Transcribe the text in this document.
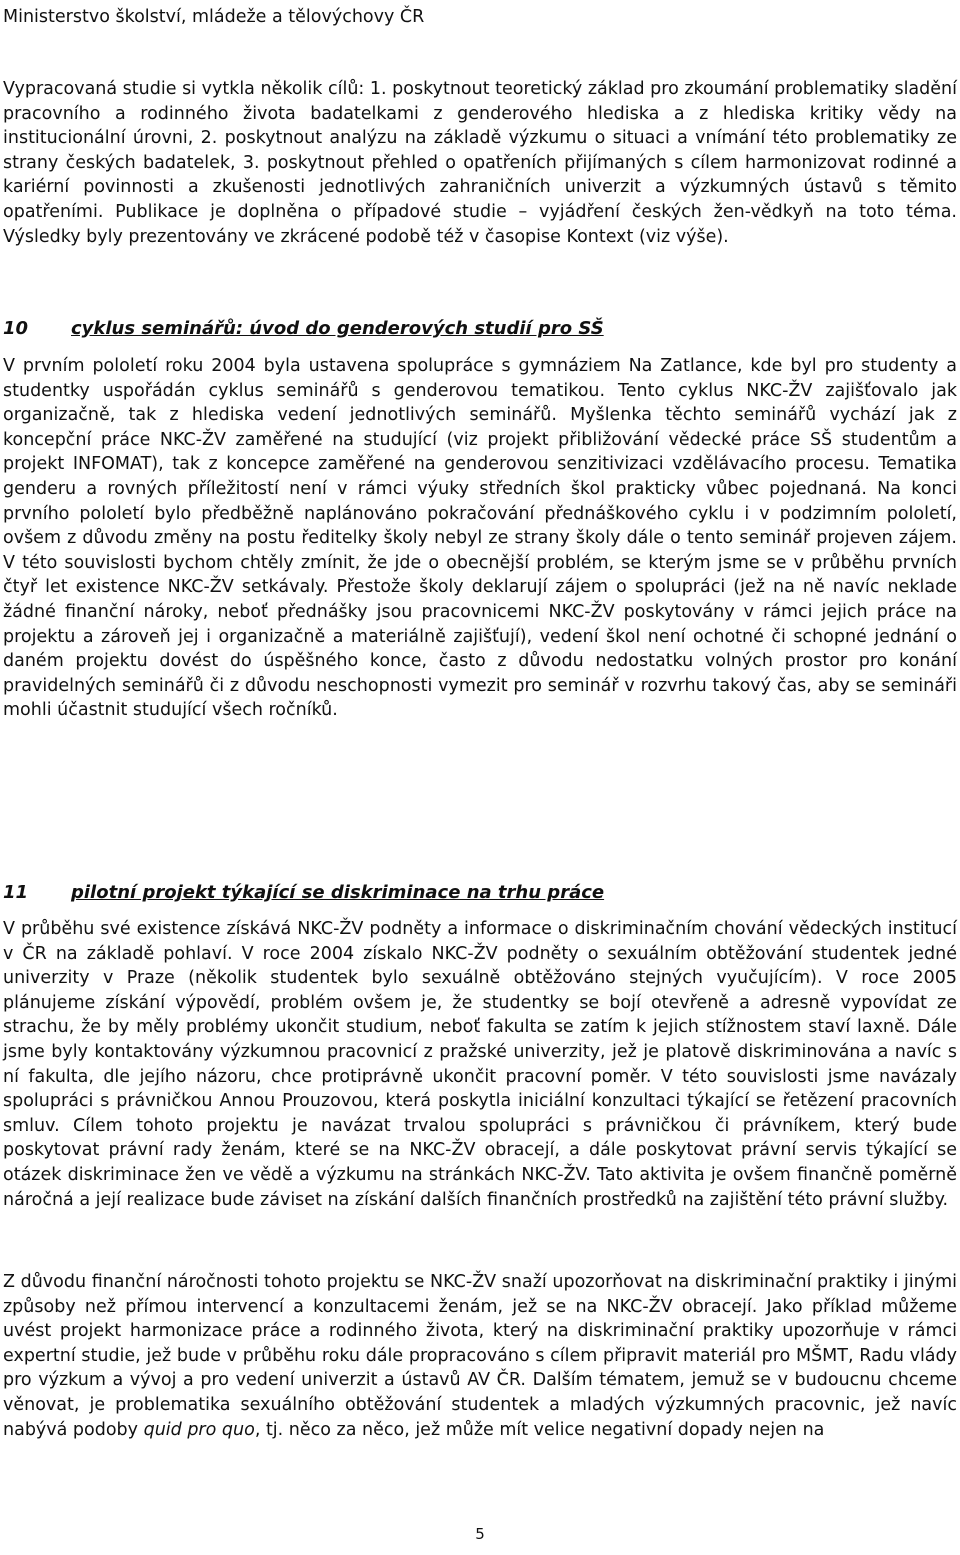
Ministerstvo školství, mládeže a tělovýchovy ČR

Vypracovaná studie si vytkla několik cílů: 1. poskytnout teoretický základ pro zkoumání problematiky sladění pracovního a rodinného života badatelkami z genderového hlediska a z hlediska kritiky vědy na institucionální úrovni, 2. poskytnout analýzu na základě výzkumu o situaci a vnímání této problematiky ze strany českých badatelek, 3. poskytnout přehled o opatřeních přijímaných s cílem harmonizovat rodinné a kariérní povinnosti a zkušenosti jednotlivých zahraničních univerzit a výzkumných ústavů s těmito opatřeními. Publikace je doplněna o případové studie – vyjádření českých žen-vědkyň na toto téma. Výsledky byly prezentovány ve zkrácené podobě též v časopise Kontext (viz výše).

10 cyklus seminářů: úvod do genderových studií pro SŠ

V prvním pololetí roku 2004 byla ustavena spolupráce s gymnáziem Na Zatlance, kde byl pro studenty a studentky uspořádán cyklus seminářů s genderovou tematikou. Tento cyklus NKC-ŽV zajišťovalo jak organizačně, tak z hlediska vedení jednotlivých seminářů. Myšlenka těchto seminářů vychází jak z koncepční práce NKC-ŽV zaměřené na studující (viz projekt přibližování vědecké práce SŠ studentům a projekt INFOMAT), tak z koncepce zaměřené na genderovou senzitivizaci vzdělávacího procesu. Tematika genderu a rovných příležitostí není v rámci výuky středních škol prakticky vůbec pojednaná. Na konci prvního pololetí bylo předběžně naplánováno pokračování přednáškového cyklu i v podzimním pololetí, ovšem z důvodu změny na postu ředitelky školy nebyl ze strany školy dále o tento seminář projeven zájem. V této souvislosti bychom chtěly zmínit, že jde o obecnější problém, se kterým jsme se v průběhu prvních čtyř let existence NKC-ŽV setkávaly. Přestože školy deklarují zájem o spolupráci (jež na ně navíc neklade žádné finanční nároky, neboť přednášky jsou pracovnicemi NKC-ŽV poskytovány v rámci jejich práce na projektu a zároveň jej i organizačně a materiálně zajišťují), vedení škol není ochotné či schopné jednání o daném projektu dovést do úspěšného konce, často z důvodu nedostatku volných prostor pro konání pravidelných seminářů či z důvodu neschopnosti vymezit pro seminář v rozvrhu takový čas, aby se semináři mohli účastnit studující všech ročníků.

11 pilotní projekt týkající se diskriminace na trhu práce

V průběhu své existence získává NKC-ŽV podněty a informace o diskriminačním chování vědeckých institucí v ČR na základě pohlaví. V roce 2004 získalo NKC-ŽV podněty o sexuálním obtěžování studentek jedné univerzity v Praze (několik studentek bylo sexuálně obtěžováno stejných vyučujícím). V roce 2005 plánujeme získání výpovědí, problém ovšem je, že studentky se bojí otevřeně a adresně vypovídat ze strachu, že by měly problémy ukončit studium, neboť fakulta se zatím k jejich stížnostem staví laxně. Dále jsme byly kontaktovány výzkumnou pracovnicí z pražské univerzity, jež je platově diskriminována a navíc s ní fakulta, dle jejího názoru, chce protiprávně ukončit pracovní poměr. V této souvislosti jsme navázaly spolupráci s právničkou Annou Prouzovou, která poskytla iniciální konzultaci týkající se řetězení pracovních smluv. Cílem tohoto projektu je navázat trvalou spolupráci s právničkou či právníkem, který bude poskytovat právní rady ženám, které se na NKC-ŽV obracejí, a dále poskytovat právní servis týkající se otázek diskriminace žen ve vědě a výzkumu na stránkách NKC-ŽV. Tato aktivita je ovšem finančně poměrně náročná a její realizace bude záviset na získání dalších finančních prostředků na zajištění této právní služby.

Z důvodu finanční náročnosti tohoto projektu se NKC-ŽV snaží upozorňovat na diskriminační praktiky i jinými způsoby než přímou intervencí a konzultacemi ženám, jež se na NKC-ŽV obracejí. Jako příklad můžeme uvést projekt harmonizace práce a rodinného života, který na diskriminační praktiky upozorňuje v rámci expertní studie, jež bude v průběhu roku dále propracováno s cílem připravit materiál pro MŠMT, Radu vlády pro výzkum a vývoj a pro vedení univerzit a ústavů AV ČR. Dalším tématem, jemuž se v budoucnu chceme věnovat, je problematika sexuálního obtěžování studentek a mladých výzkumných pracovnic, jež navíc nabývá podoby quid pro quo, tj. něco za něco, jež může mít velice negativní dopady nejen na

5
